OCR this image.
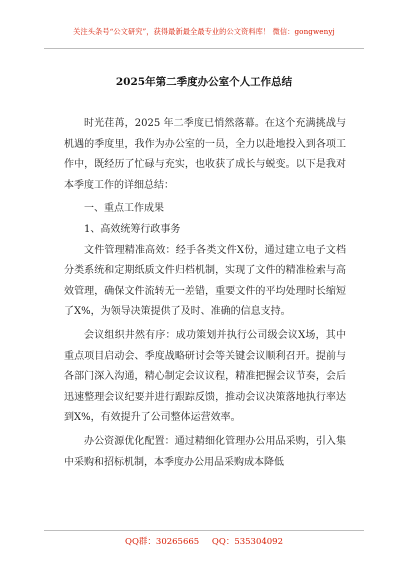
关注头条号“公文研究”，获得最新最全最专业的公文资料库！ 微信：gongwenyj
2025年第二季度办公室个人工作总结

时光荏苒，2025 年二季度已悄然落幕。在这个充满挑战与机遇的季度里，我作为办公室的一员，全力以赴地投入到各项工作中，既经历了忙碌与充实，也收获了成长与蜕变。以下是我对本季度工作的详细总结：

一、重点工作成果

1、高效统筹行政事务

文件管理精准高效：经手各类文件X份，通过建立电子文档分类系统和定期纸质文件归档机制，实现了文件的精准检索与高效管理，确保文件流转无一差错，重要文件的平均处理时长缩短了X%，为领导决策提供了及时、准确的信息支持。

会议组织井然有序：成功策划并执行公司级会议X场，其中重点项目启动会、季度战略研讨会等关键会议顺利召开。提前与各部门深入沟通，精心制定会议议程，精准把握会议节奏，会后迅速整理会议纪要并进行跟踪反馈，推动会议决策落地执行率达到X%，有效提升了公司整体运营效率。

办公资源优化配置：通过精细化管理办公用品采购，引入集中采购和招标机制，本季度办公用品采购成本降低

QQ群：30265665 QQ：535304092
